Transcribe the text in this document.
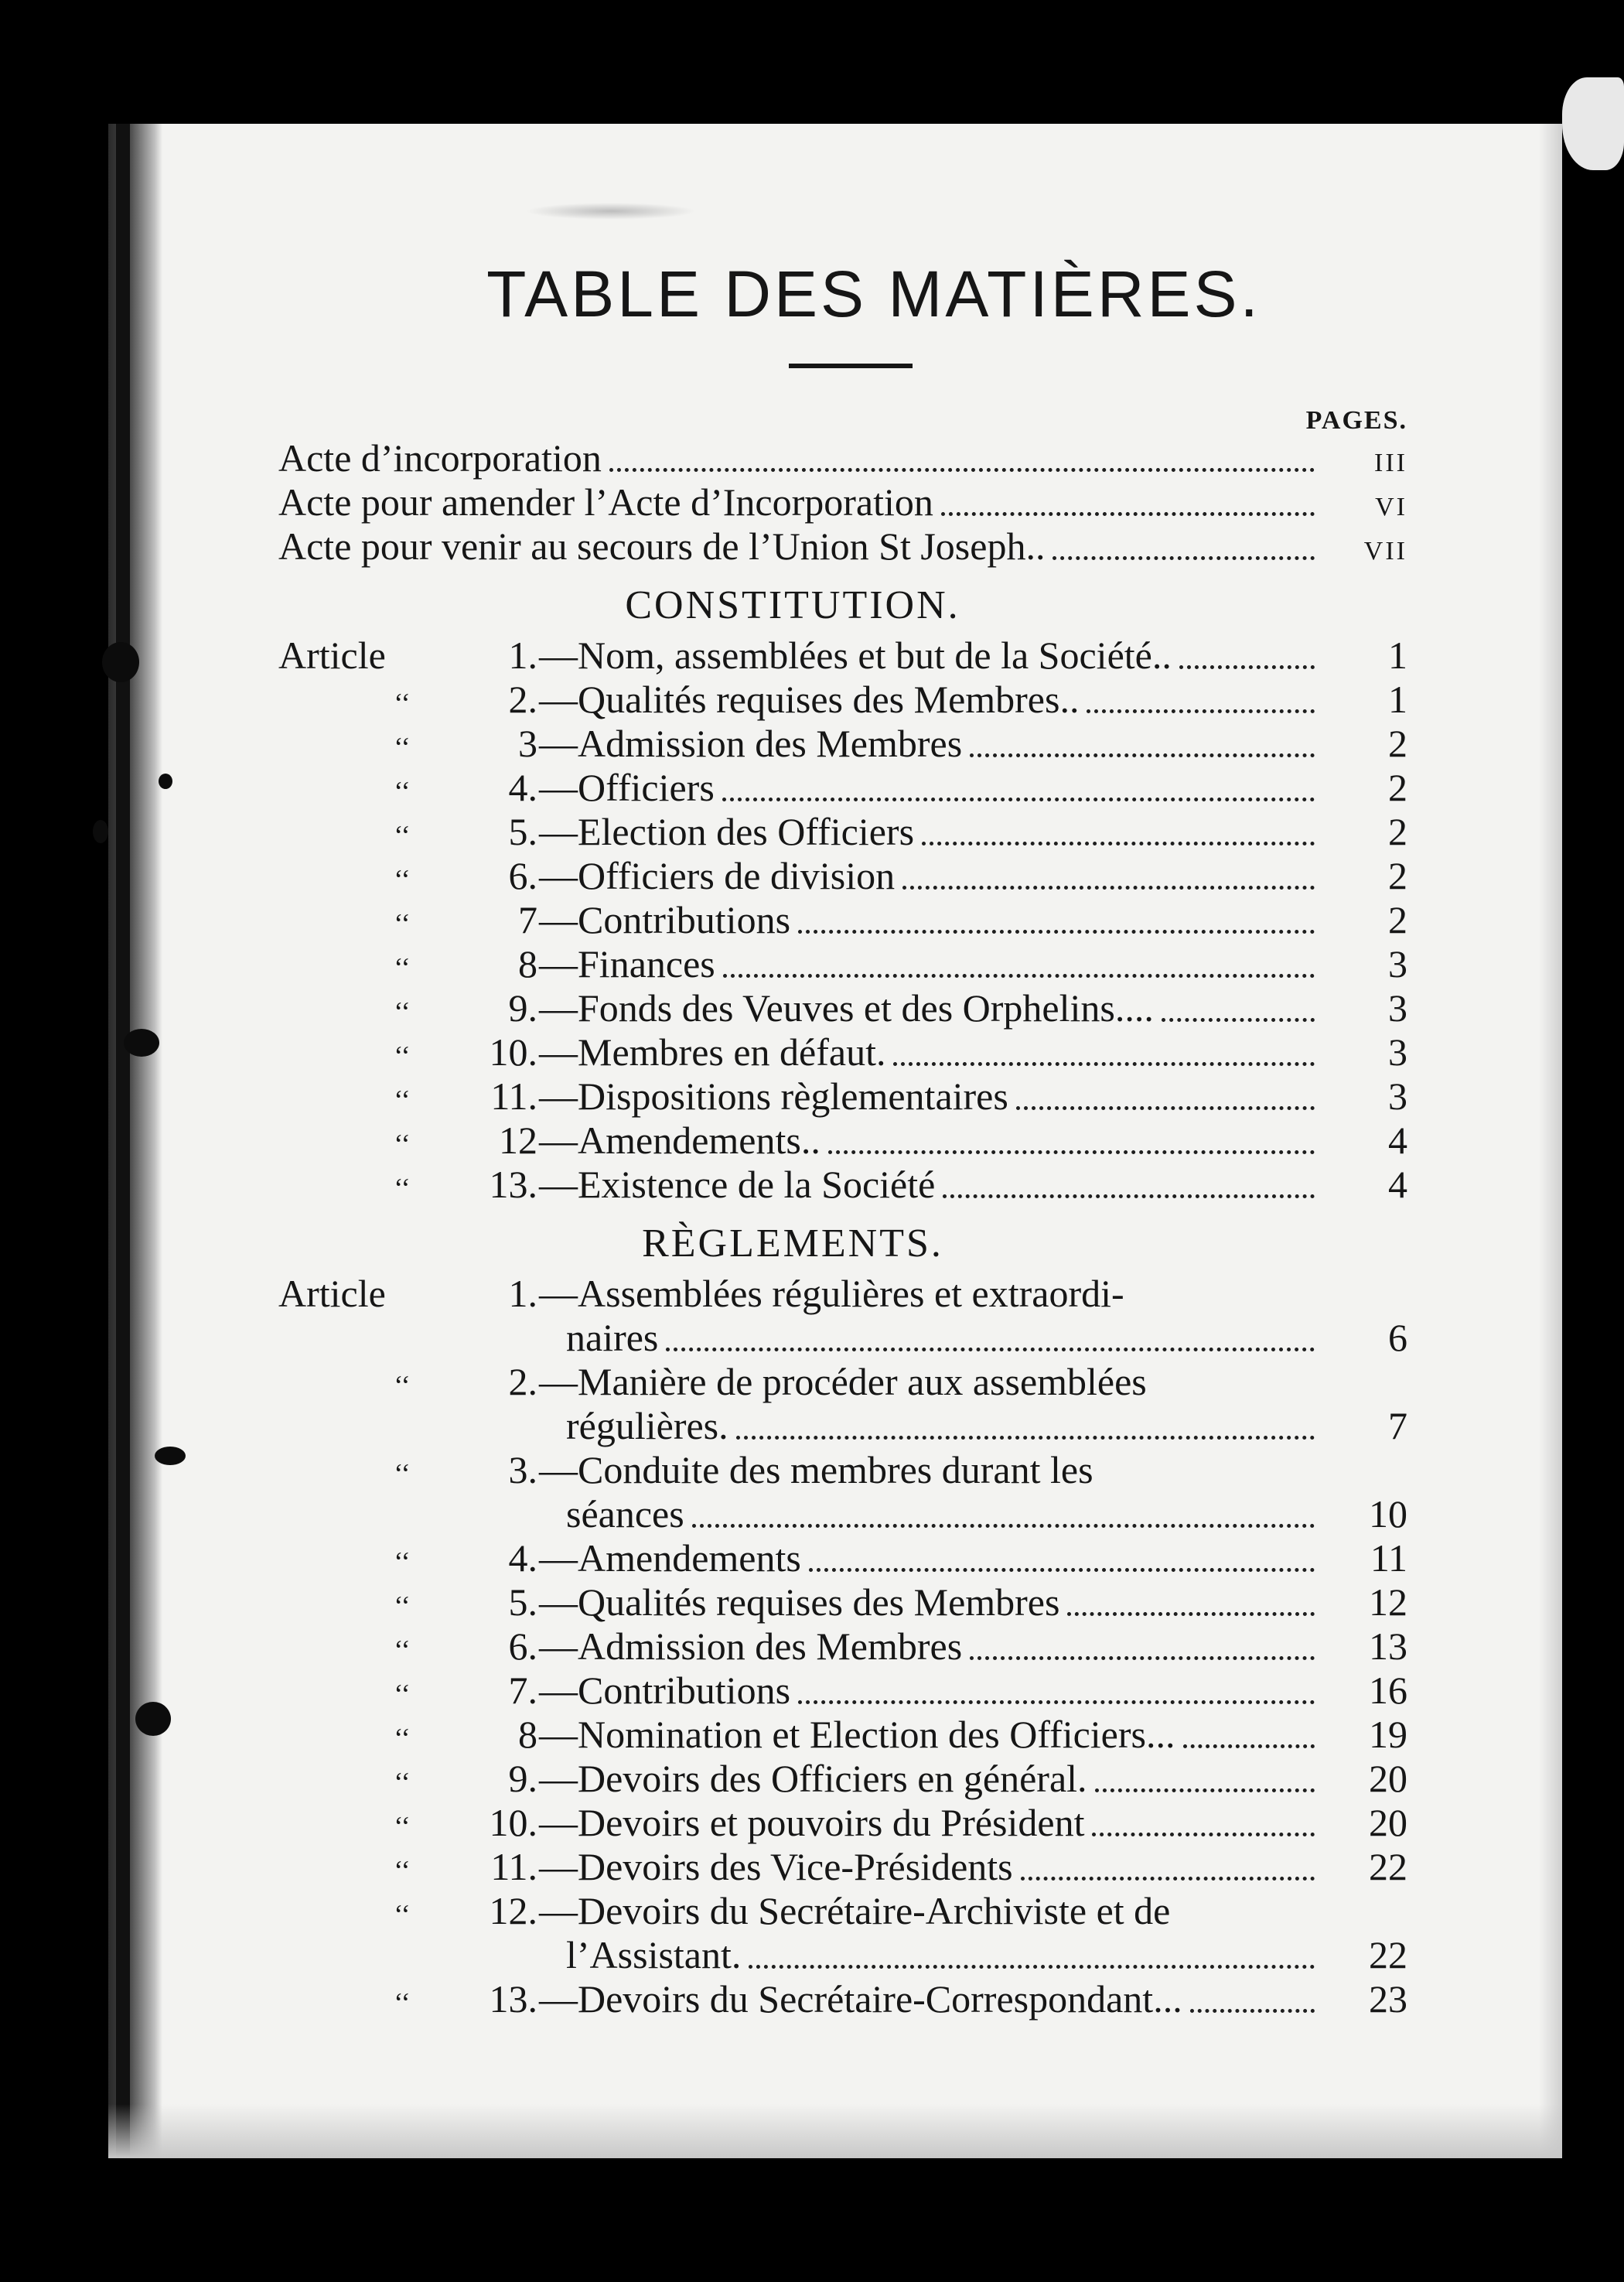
TABLE DES MATIÈRES.
PAGES.
Acte d’incorporation	III
Acte pour amender l’Acte d’Incorporation	VI
Acte pour venir au secours de l’Union St Joseph..	VII
CONSTITUTION.
Article	1. —Nom, assemblées et but de la Société..	1
‘‘	2. —Qualités requises des Membres..	1
‘‘	3 —Admission des Membres	2
‘‘	4. —Officiers	2
‘‘	5. —Election des Officiers	2
‘‘	6. —Officiers de division	2
‘‘	7 —Contributions	2
‘‘	8 —Finances	3
‘‘	9. —Fonds des Veuves et des Orphelins....	3
‘‘	10. —Membres en défaut.	3
‘‘	11. —Dispositions règlementaires	3
‘‘	12 —Amendements..	4
‘‘	13. —Existence de la Société	4
RÈGLEMENTS.
Article	1. —Assemblées régulières et extraordi-
naires	6
‘‘	2. —Manière de procéder aux assemblées
régulières.	7
‘‘	3. —Conduite des membres durant les
séances	10
‘‘	4. —Amendements	11
‘‘	5. —Qualités requises des Membres	12
‘‘	6. —Admission des Membres	13
‘‘	7. —Contributions	16
‘‘	8 —Nomination et Election des Officiers...	19
‘‘	9. —Devoirs des Officiers en général.	20
‘‘	10. —Devoirs et pouvoirs du Président	20
‘‘	11. —Devoirs des Vice-Présidents	22
‘‘	12. —Devoirs du Secrétaire-Archiviste et de
l’Assistant.	22
‘‘	13. —Devoirs du Secrétaire-Correspondant...	23
